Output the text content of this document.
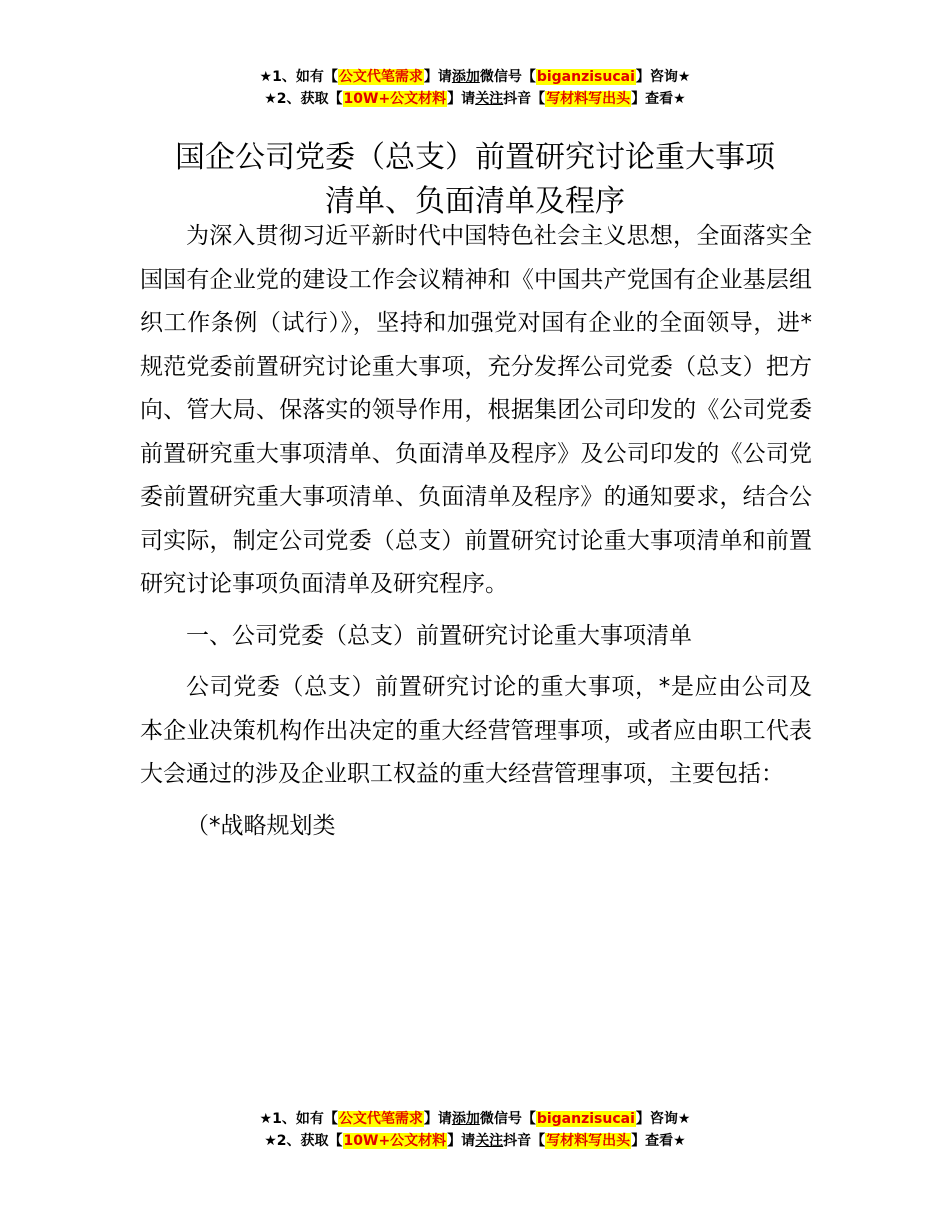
★1、如有【公文代笔需求】请添加微信号【biganzisucai】咨询★
★2、获取【10W+公文材料】请关注抖音【写材料写出头】查看★
国企公司党委（总支）前置研究讨论重大事项
清单、负面清单及程序

为深入贯彻习近平新时代中国特色社会主义思想，全面落实全国国有企业党的建设工作会议精神和《中国共产党国有企业基层组织工作条例（试行）》，坚持和加强党对国有企业的全面领导，进*规范党委前置研究讨论重大事项，充分发挥公司党委（总支）把方向、管大局、保落实的领导作用，根据集团公司印发的《公司党委前置研究重大事项清单、负面清单及程序》及公司印发的《公司党委前置研究重大事项清单、负面清单及程序》的通知要求，结合公司实际，制定公司党委（总支）前置研究讨论重大事项清单和前置研究讨论事项负面清单及研究程序。

一、公司党委（总支）前置研究讨论重大事项清单

公司党委（总支）前置研究讨论的重大事项，*是应由公司及本企业决策机构作出决定的重大经营管理事项，或者应由职工代表大会通过的涉及企业职工权益的重大经营管理事项，主要包括：

（*战略规划类

★1、如有【公文代笔需求】请添加微信号【biganzisucai】咨询★
★2、获取【10W+公文材料】请关注抖音【写材料写出头】查看★
